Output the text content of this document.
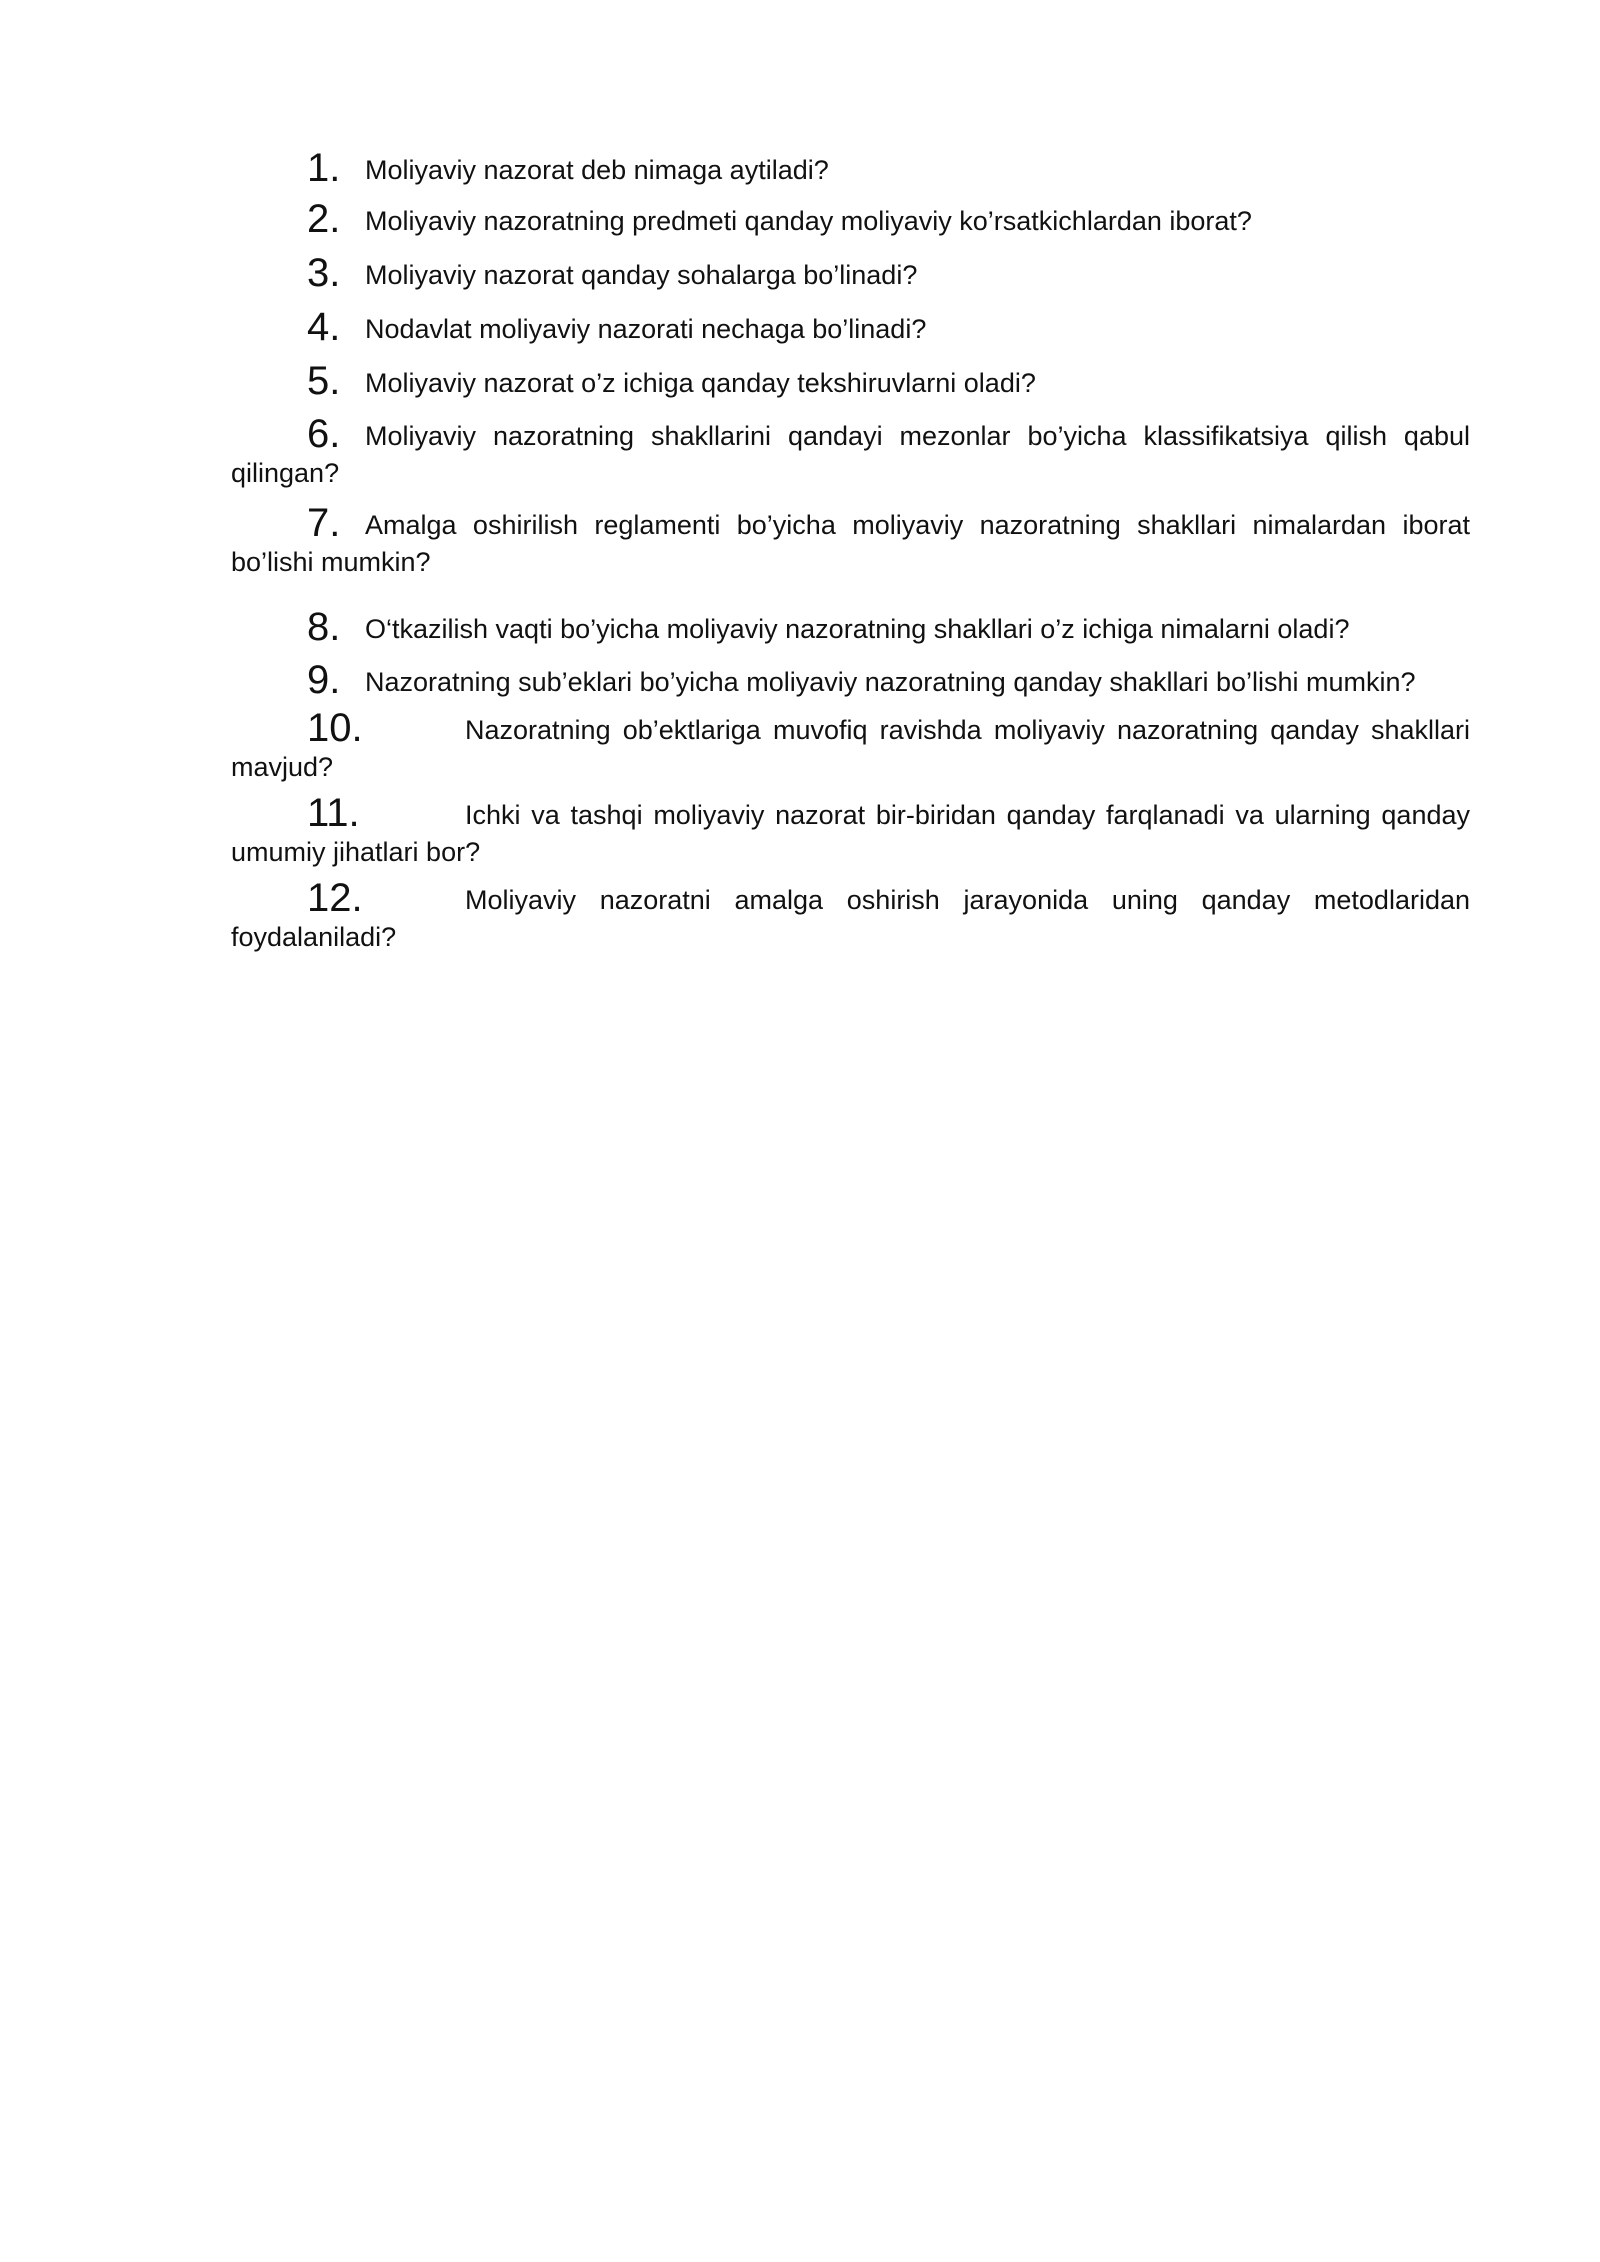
1. Moliyaviy nazorat deb nimaga aytiladi?
2. Moliyaviy nazoratning predmeti qanday moliyaviy ko’rsatkichlardan iborat?
3. Moliyaviy nazorat qanday sohalarga bo’linadi?
4. Nodavlat moliyaviy nazorati nechaga bo’linadi?
5. Moliyaviy nazorat o’z ichiga qanday tekshiruvlarni oladi?
6. Moliyaviy nazoratning shakllarini qandayi mezonlar bo’yicha klassifikatsiya qilish qabul qilingan?
7. Amalga oshirilish reglamenti bo’yicha moliyaviy nazoratning shakllari nimalardan iborat bo’lishi mumkin?
8. O‘tkazilish vaqti bo’yicha moliyaviy nazoratning shakllari o’z ichiga nimalarni oladi?
9. Nazoratning sub’eklari bo’yicha moliyaviy nazoratning qanday shakllari bo’lishi mumkin?
10.	Nazoratning ob’ektlariga muvofiq ravishda moliyaviy nazoratning qanday shakllari mavjud?
11.	Ichki va tashqi moliyaviy nazorat bir-biridan qanday farqlanadi va ularning qanday umumiy jihatlari bor?
12.	Moliyaviy nazoratni amalga oshirish jarayonida uning qanday metodlaridan foydalaniladi?
